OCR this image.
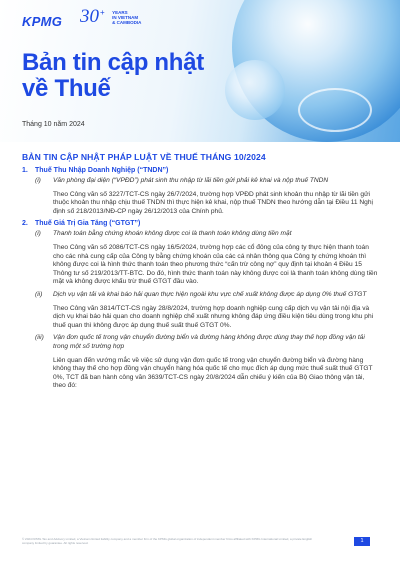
KPMG 30+ YEARS
IN VIETNAM
& CAMBODIA
Bản tin cập nhật
về Thuế
Tháng 10 năm 2024
BẢN TIN CẬP NHẬT PHÁP LUẬT VỀ THUẾ THÁNG 10/2024
1.	Thuế Thu Nhập Doanh Nghiệp (“TNDN”)
(i)	Văn phòng đại diện (“VPĐD”) phát sinh thu nhập từ lãi tiền gửi phải kê khai và nộp thuế TNDN
Theo Công văn số 3227/TCT-CS ngày 26/7/2024, trường hợp VPĐD phát sinh khoản thu nhập từ lãi tiền gửi thuộc khoản thu nhập chịu thuế TNDN thì thực hiện kê khai, nộp thuế TNDN theo hướng dẫn tại Điều 11 Nghị định số 218/2013/NĐ-CP ngày 26/12/2013 của Chính phủ.
2.	Thuế Giá Trị Gia Tăng (“GTGT”)
(i)	Thanh toán bằng chứng khoán không được coi là thanh toán không dùng tiền mặt
Theo Công văn số 2086/TCT-CS ngày 16/5/2024, trường hợp các cổ đông của công ty thực hiện thanh toán cho các nhà cung cấp của Công ty bằng chứng khoán của các cá nhân thông qua Công ty chứng khoán thì không được coi là hình thức thanh toán theo phương thức “cấn trừ công nợ” quy định tại khoản 4 Điều 15 Thông tư số 219/2013/TT-BTC. Do đó, hình thức thanh toán này không được coi là thanh toán không dùng tiền mặt và không được khấu trừ thuế GTGT đầu vào.
(ii)	Dịch vụ vận tải và khai báo hải quan thực hiện ngoài khu vực chế xuất không được áp dụng 0% thuế GTGT
Theo Công văn 3814/TCT-CS ngày 28/8/2024, trường hợp doanh nghiệp cung cấp dịch vụ vận tải nội địa và dịch vụ khai báo hải quan cho doanh nghiệp chế xuất nhưng không đáp ứng điều kiện tiêu dùng trong khu phi thuế quan thì không được áp dụng thuế suất thuế GTGT 0%.
(iii)	Vận đơn quốc tế trong vận chuyển đường biển và đường hàng không được dùng thay thế hợp đồng vận tải trong một số trường hợp
Liên quan đến vướng mắc về việc sử dụng vận đơn quốc tế trong vận chuyển đường biển và đường hàng không thay thế cho hợp đồng vận chuyển hàng hóa quốc tế cho mục đích áp dụng mức thuế suất thuế GTGT 0%, TCT đã ban hành công văn 3639/TCT-CS ngày 20/8/2024 dẫn chiếu ý kiến của Bộ Giao thông vận tải, theo đó:
© 2024 KPMG Tax and Advisory Limited, a Vietnam limited liability company and a member firm of the KPMG global organization of independent member firms affiliated with KPMG International Limited, a private English company limited by guarantee. All rights reserved.	1
